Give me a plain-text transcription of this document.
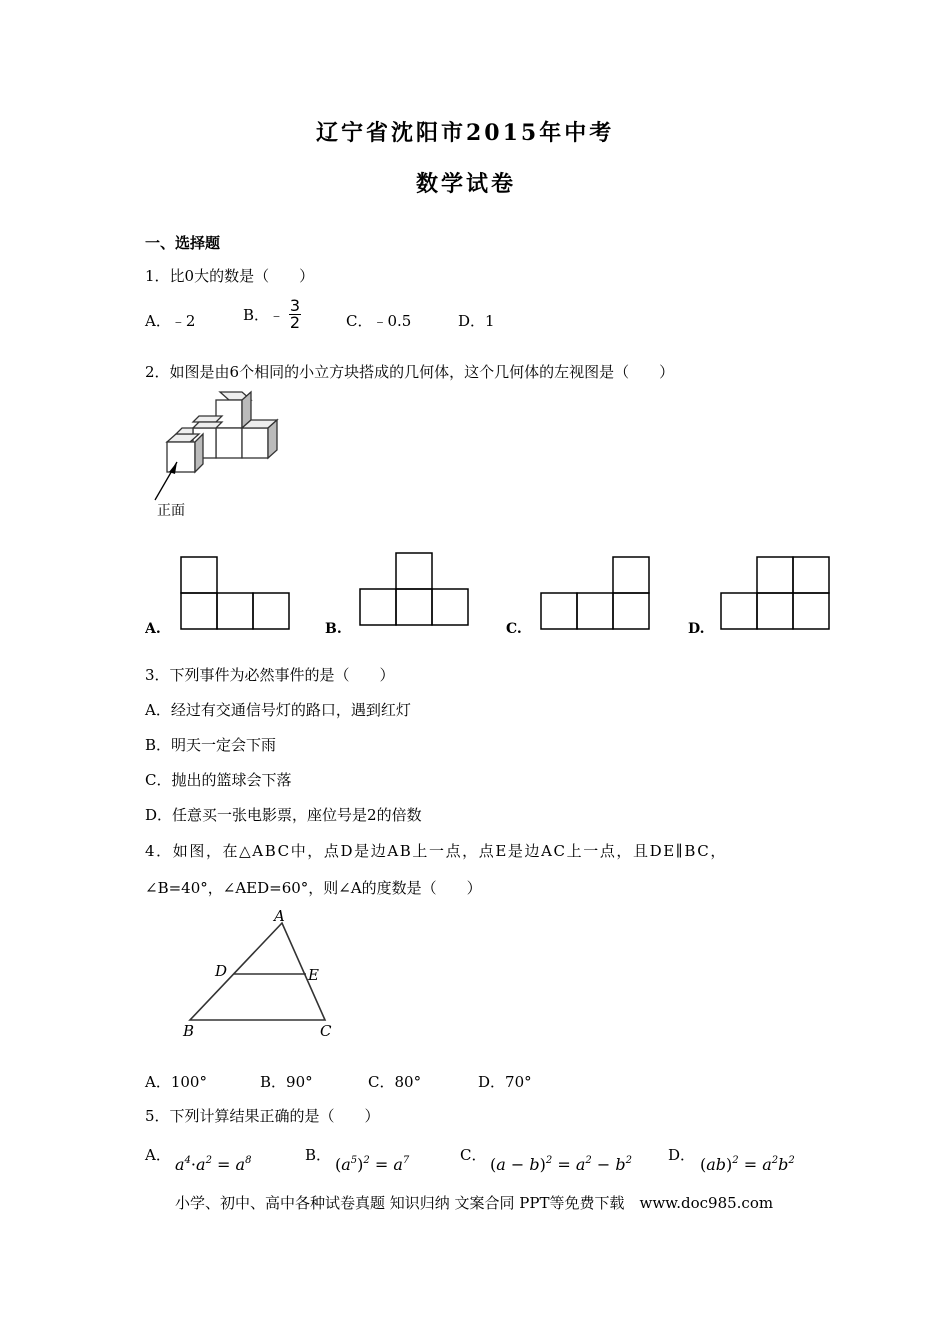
辽宁省沈阳市2015年中考
数学试卷
一、选择题
1．比0大的数是（　　）
A．﹣2	B．﹣ $\frac{3}{2}$	C．﹣0.5	D．1
2．如图是由6个相同的小立方块搭成的几何体，这个几何体的左视图是（　　）
正面
A.	B.	C.	D.
3．下列事件为必然事件的是（　　）
A．经过有交通信号灯的路口，遇到红灯
B．明天一定会下雨
C．抛出的篮球会下落
D．任意买一张电影票，座位号是2的倍数
4．如图，在△ABC中，点D是边AB上一点，点E是边AC上一点，且DE∥BC，
∠B=40°，∠AED=60°，则∠A的度数是（　　）
A
D	E
B	C
A．100°	B．90°	C．80°	D．70°
5．下列计算结果正确的是（　　）
A． $a^4\cdot a^2 = a^8$	B． $(a^5)^2 = a^7$	C． $(a - b)^2 = a^2 - b^2$ D． $(ab)^2 = a^2b^2$
小学、初中、高中各种试卷真题 知识归纳 文案合同 PPT等免费下载　www.doc985.com
